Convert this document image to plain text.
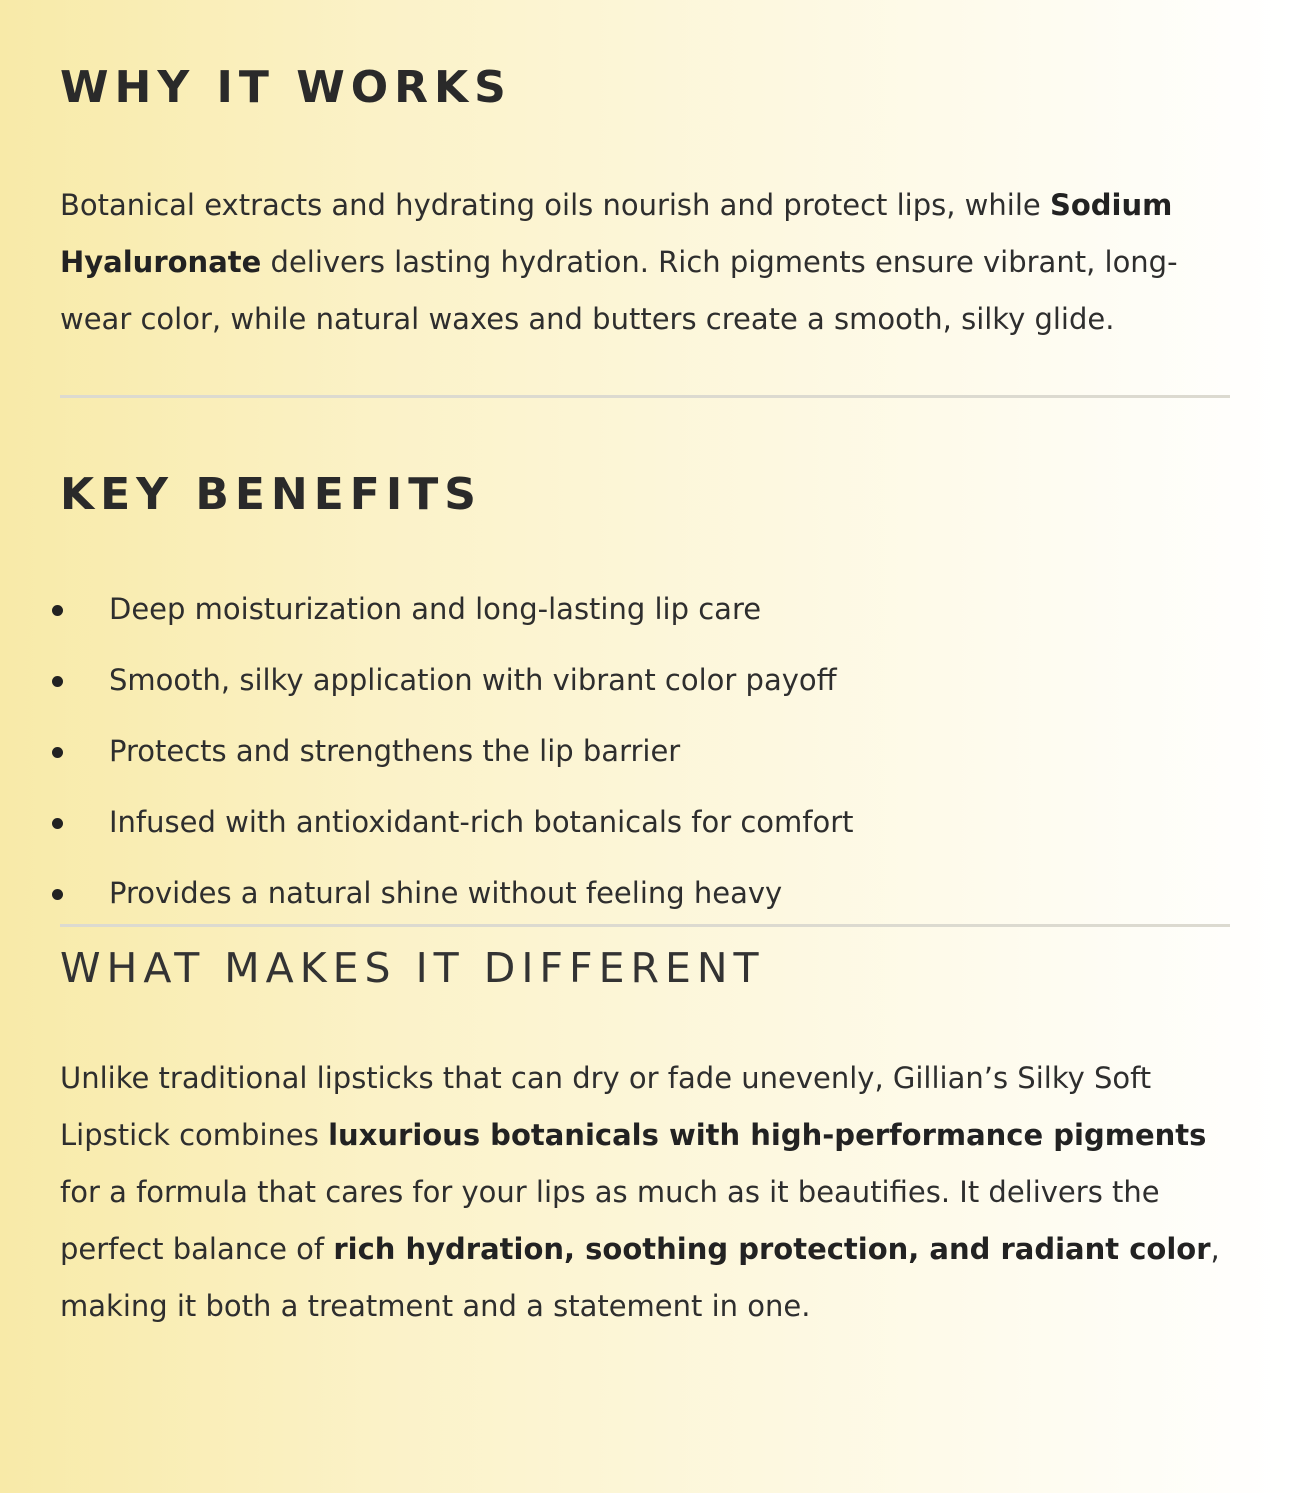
WHY IT WORKS

Botanical extracts and hydrating oils nourish and protect lips, while Sodium Hyaluronate delivers lasting hydration. Rich pigments ensure vibrant, long-wear color, while natural waxes and butters create a smooth, silky glide.

KEY BENEFITS
Deep moisturization and long-lasting lip care
Smooth, silky application with vibrant color payoff
Protects and strengthens the lip barrier
Infused with antioxidant-rich botanicals for comfort
Provides a natural shine without feeling heavy
WHAT MAKES IT DIFFERENT

Unlike traditional lipsticks that can dry or fade unevenly, Gillian’s Silky Soft Lipstick combines luxurious botanicals with high-performance pigments for a formula that cares for your lips as much as it beautifies. It delivers the perfect balance of rich hydration, soothing protection, and radiant color, making it both a treatment and a statement in one.
